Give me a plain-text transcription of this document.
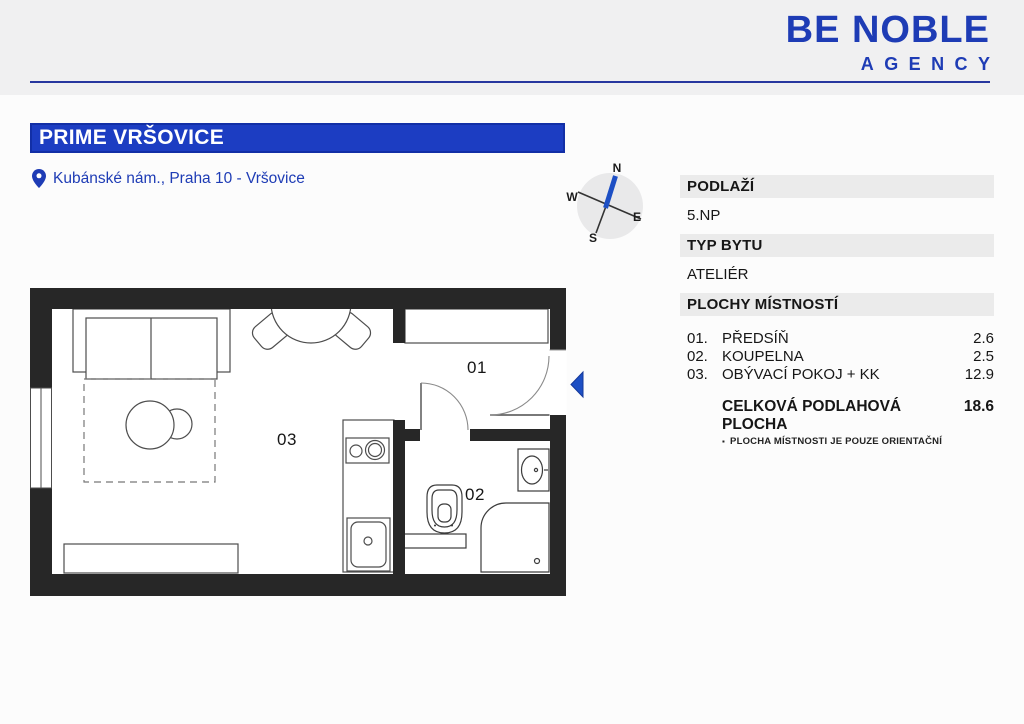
BE NOBLE
AGENCY
PRIME VRŠOVICE
Kubánské nám., Praha 10 - Vršovice
N
W
E
S
PODLAŽÍ
5.NP
TYP BYTU
ATELIÉR
PLOCHY MÍSTNOSTÍ
01. PŘEDSÍŇ	2.6
02. KOUPELNA	2.5
03. OBÝVACÍ POKOJ + KK	12.9
CELKOVÁ PODLAHOVÁ PLOCHA
18.6
▪ PLOCHA MÍSTNOSTI JE POUZE ORIENTAČNÍ
01
02
03
